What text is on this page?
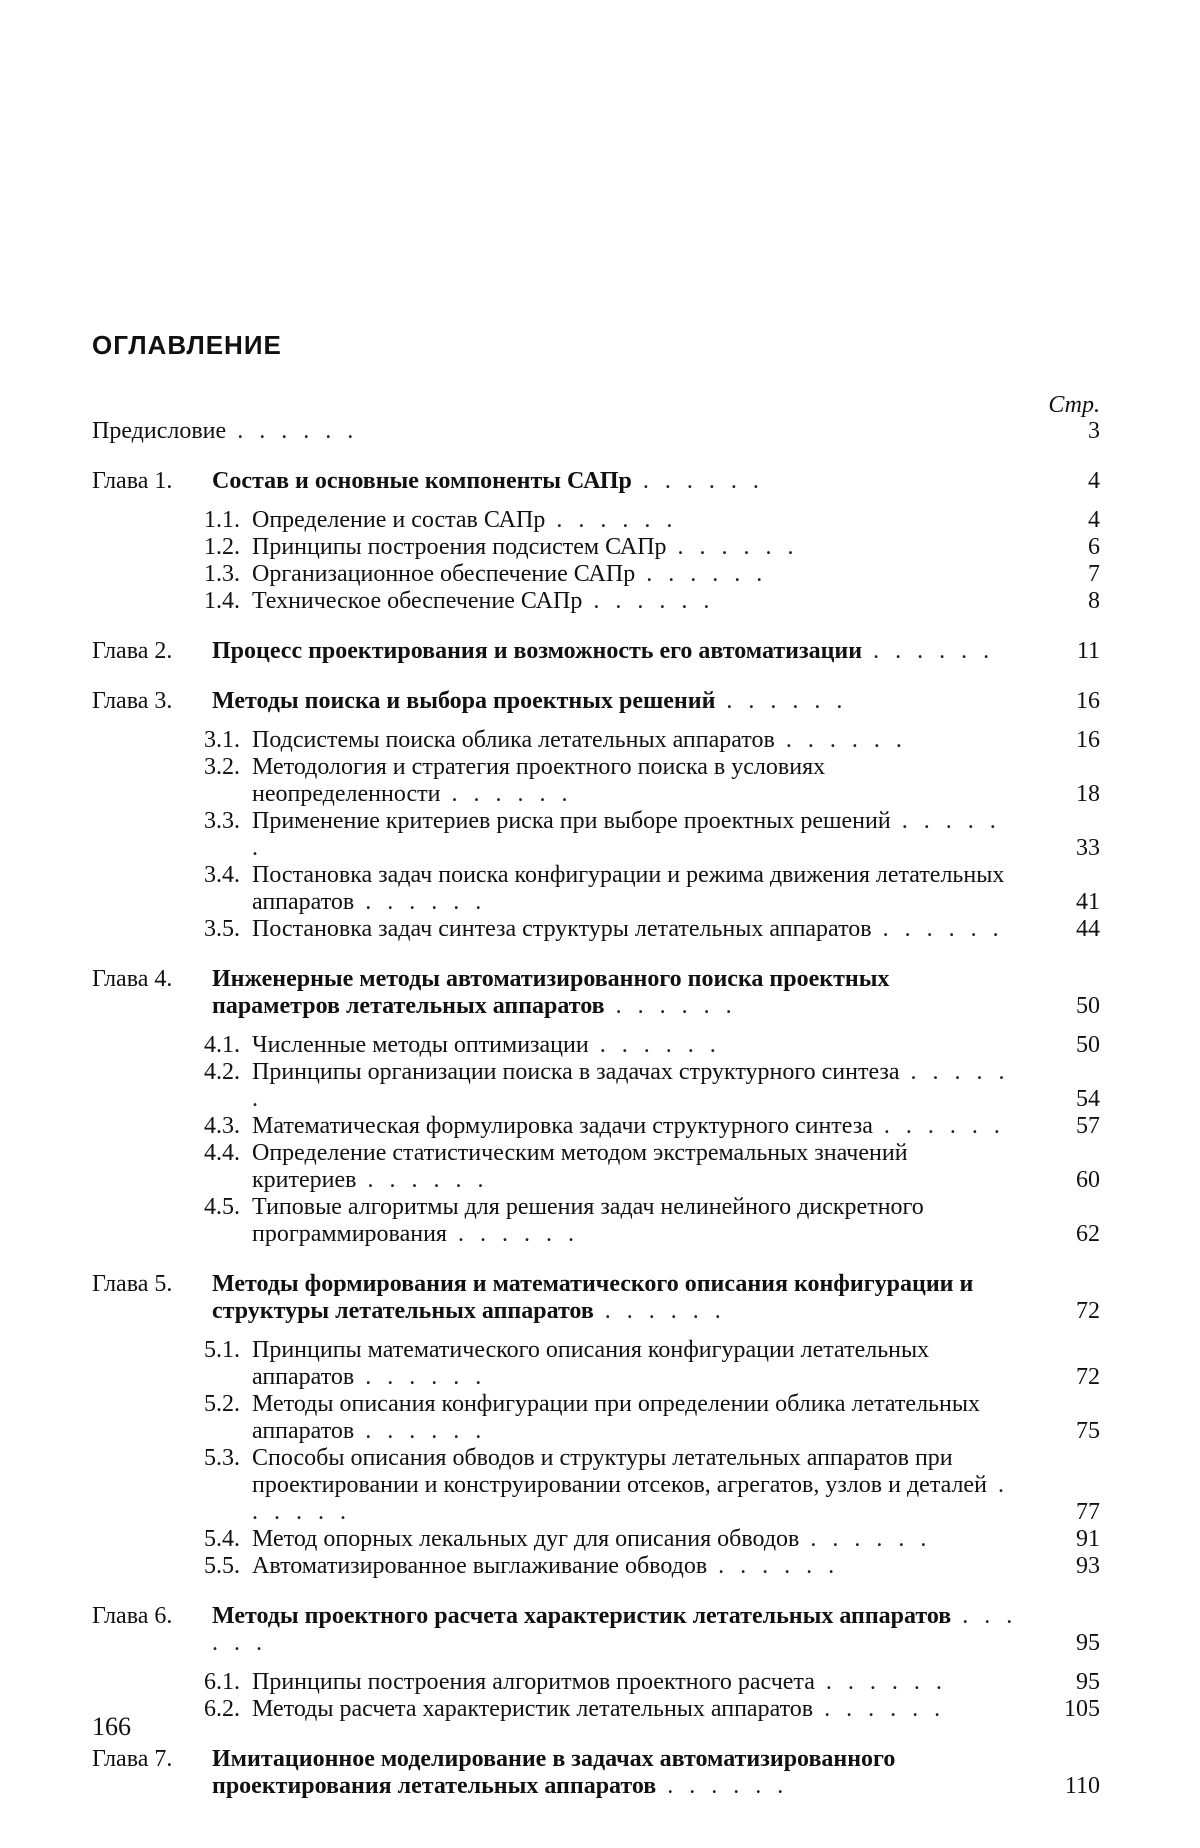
ОГЛАВЛЕНИЕ
Стр.
Предисловие . . . . . .	3
Глава 1.	Состав и основные компоненты САПр . . . . . .	4
1.1. Определение и состав САПр . . . . . .	4
1.2. Принципы построения подсистем САПр . . . . . .	6
1.3. Организационное обеспечение САПр . . . . . .	7
1.4. Техническое обеспечение САПр . . . . . .	8
Глава 2.	Процесс проектирования и возможность его автоматизации . . . . . .	11
Глава 3.	Методы поиска и выбора проектных решений . . . . . .	16
3.1. Подсистемы поиска облика летательных аппаратов . . . . . .	16
3.2. Методология и стратегия проектного поиска в условиях неопределенности . . . . . .	18
3.3. Применение критериев риска при выборе проектных решений . . . . . .	33
3.4. Постановка задач поиска конфигурации и режима движения летательных аппаратов . . . . . .	41
3.5. Постановка задач синтеза структуры летательных аппаратов . . . . . .	44
Глава 4.	Инженерные методы автоматизированного поиска проектных параметров летательных аппаратов . . . . . .	50
4.1. Численные методы оптимизации . . . . . .	50
4.2. Принципы организации поиска в задачах структурного синтеза . . . . . .	54
4.3. Математическая формулировка задачи структурного синтеза . . . . . .	57
4.4. Определение статистическим методом экстремальных значений критериев . . . . . .	60
4.5. Типовые алгоритмы для решения задач нелинейного дискретного программирования . . . . . .	62
Глава 5.	Методы формирования и математического описания конфигурации и структуры летательных аппаратов . . . . . .	72
5.1. Принципы математического описания конфигурации летательных аппаратов . . . . . .	72
5.2. Методы описания конфигурации при определении облика летательных аппаратов . . . . . .	75
5.3. Способы описания обводов и структуры летательных аппаратов при проектировании и конструировании отсеков, агрегатов, узлов и деталей . . . . . .	77
5.4. Метод опорных лекальных дуг для описания обводов . . . . . .	91
5.5. Автоматизированное выглаживание обводов . . . . . .	93
Глава 6.	Методы проектного расчета характеристик летательных аппаратов . . . . . .	95
6.1. Принципы построения алгоритмов проектного расчета . . . . . .	95
6.2. Методы расчета характеристик летательных аппаратов . . . . . .	105
Глава 7.	Имитационное моделирование в задачах автоматизированного проектирования летательных аппаратов . . . . . .	110
166
